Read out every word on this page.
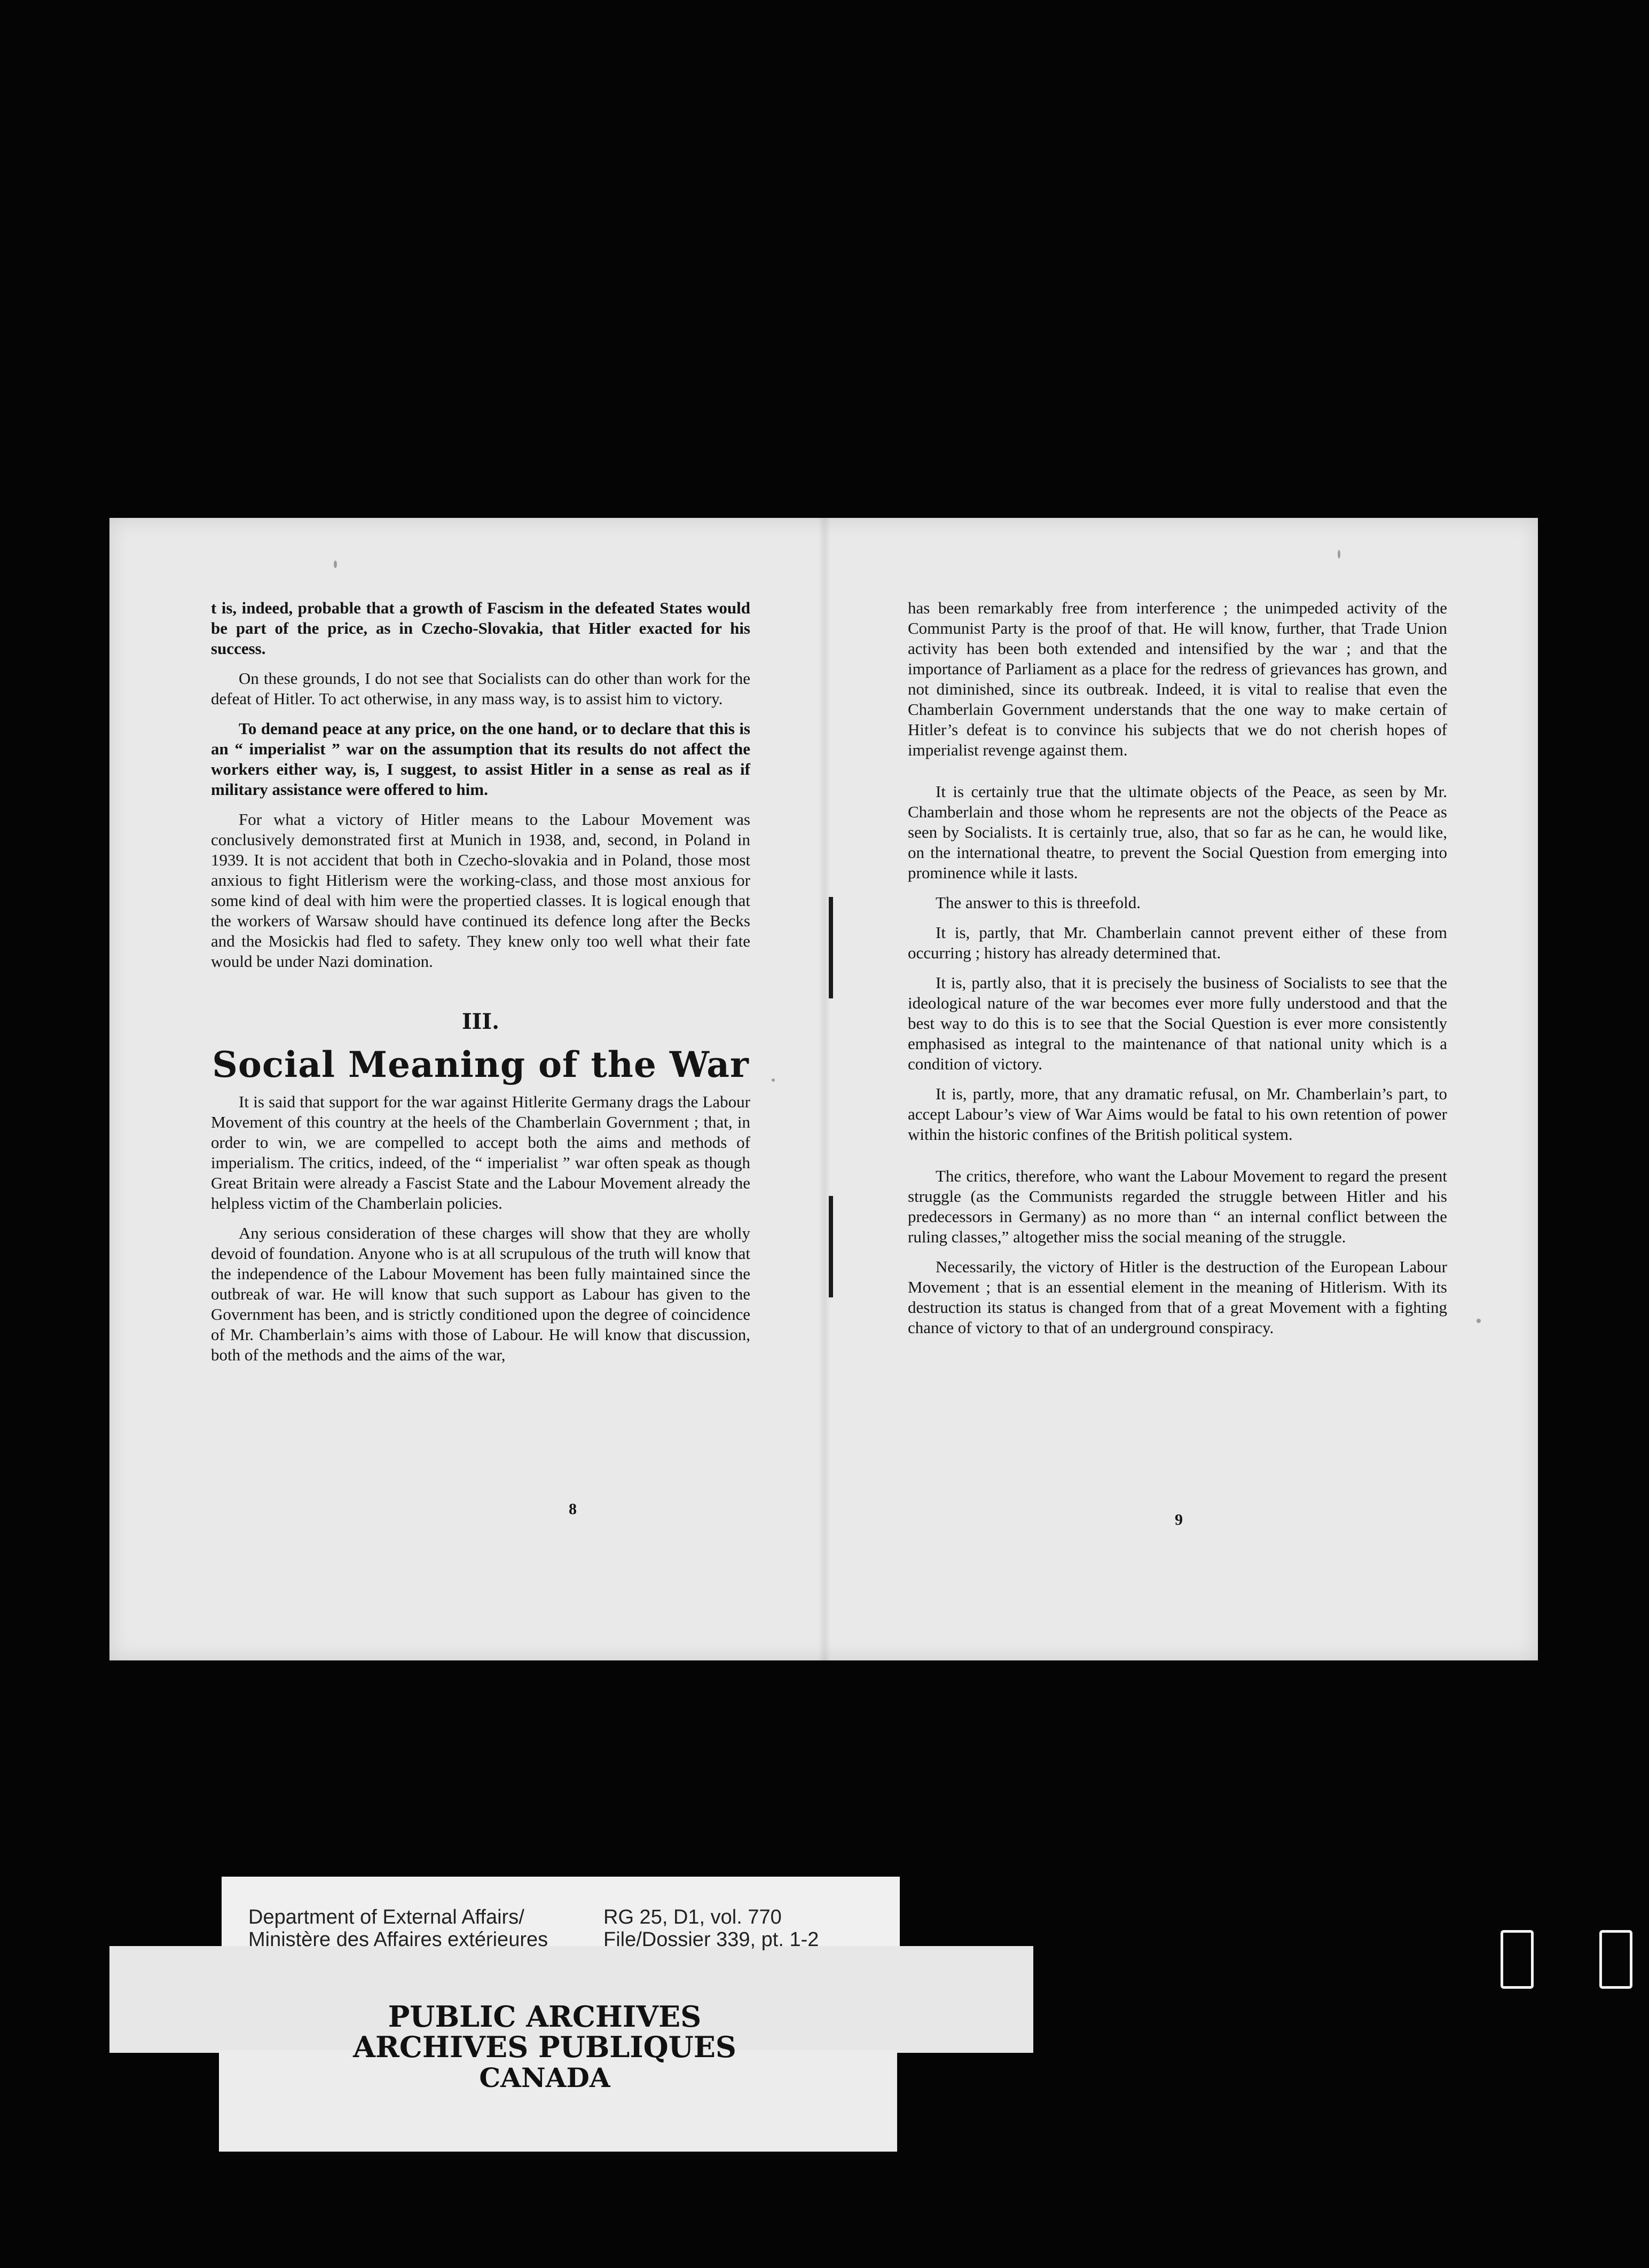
t is, indeed, probable that a growth of Fascism in the defeated States would be part of the price, as in Czecho-Slovakia, that Hitler exacted for his success.

On these grounds, I do not see that Socialists can do other than work for the defeat of Hitler. To act otherwise, in any mass way, is to assist him to victory.

To demand peace at any price, on the one hand, or to declare that this is an “ imperialist ” war on the assumption that its results do not affect the workers either way, is, I suggest, to assist Hitler in a sense as real as if military assistance were offered to him.

For what a victory of Hitler means to the Labour Movement was conclusively demonstrated first at Munich in 1938, and, second, in Poland in 1939. It is not accident that both in Czecho-slovakia and in Poland, those most anxious to fight Hitlerism were the working-class, and those most anxious for some kind of deal with him were the propertied classes. It is logical enough that the workers of Warsaw should have continued its defence long after the Becks and the Mosickis had fled to safety. They knew only too well what their fate would be under Nazi domination.

III.
Social Meaning of the War

It is said that support for the war against Hitlerite Germany drags the Labour Movement of this country at the heels of the Chamberlain Government ; that, in order to win, we are compelled to accept both the aims and methods of imperialism. The critics, indeed, of the “ imperialist ” war often speak as though Great Britain were already a Fascist State and the Labour Movement already the helpless victim of the Chamberlain policies.

Any serious consideration of these charges will show that they are wholly devoid of foundation. Anyone who is at all scrupulous of the truth will know that the independence of the Labour Movement has been fully maintained since the outbreak of war. He will know that such support as Labour has given to the Government has been, and is strictly conditioned upon the degree of coincidence of Mr. Chamberlain’s aims with those of Labour. He will know that discussion, both of the methods and the aims of the war,

8

has been remarkably free from interference ; the unimpeded activity of the Communist Party is the proof of that. He will know, further, that Trade Union activity has been both extended and intensified by the war ; and that the importance of Parliament as a place for the redress of grievances has grown, and not diminished, since its outbreak. Indeed, it is vital to realise that even the Chamberlain Government understands that the one way to make certain of Hitler’s defeat is to convince his subjects that we do not cherish hopes of imperialist revenge against them.

It is certainly true that the ultimate objects of the Peace, as seen by Mr. Chamberlain and those whom he represents are not the objects of the Peace as seen by Socialists. It is certainly true, also, that so far as he can, he would like, on the international theatre, to prevent the Social Question from emerging into prominence while it lasts.

The answer to this is threefold.

It is, partly, that Mr. Chamberlain cannot prevent either of these from occurring ; history has already determined that.

It is, partly also, that it is precisely the business of Socialists to see that the ideological nature of the war becomes ever more fully understood and that the best way to do this is to see that the Social Question is ever more consistently emphasised as integral to the maintenance of that national unity which is a condition of victory.

It is, partly, more, that any dramatic refusal, on Mr. Chamberlain’s part, to accept Labour’s view of War Aims would be fatal to his own retention of power within the historic confines of the British political system.

The critics, therefore, who want the Labour Movement to regard the present struggle (as the Communists regarded the struggle between Hitler and his predecessors in Germany) as no more than “ an internal conflict between the ruling classes,” altogether miss the social meaning of the struggle.

Necessarily, the victory of Hitler is the destruction of the European Labour Movement ; that is an essential element in the meaning of Hitlerism. With its destruction its status is changed from that of a great Movement with a fighting chance of victory to that of an underground conspiracy.

9
Department of External Affairs/
Ministère des Affaires extérieures
RG 25, D1, vol. 770
File/Dossier 339, pt. 1-2
PUBLIC ARCHIVES
ARCHIVES PUBLIQUES
CANADA
